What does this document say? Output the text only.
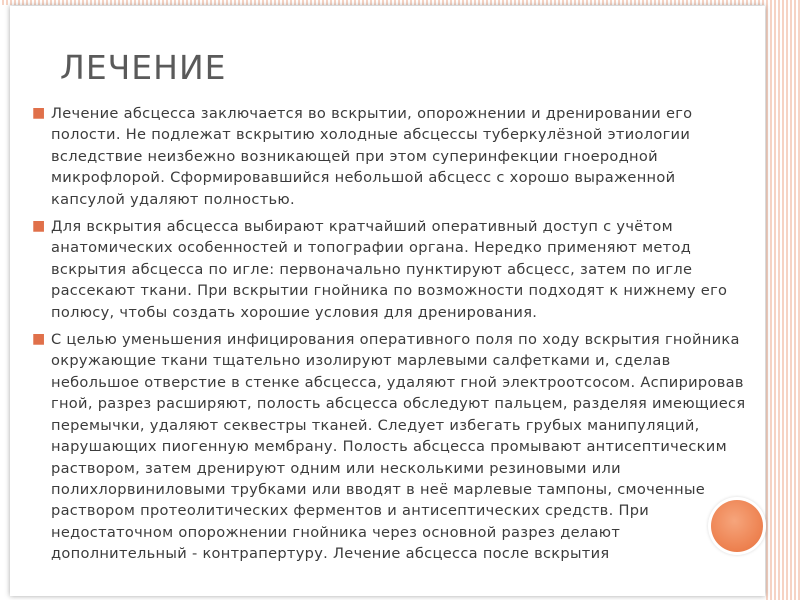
ЛЕЧЕНИЕ
■ Лечение абсцесса заключается во вскрытии, опорожнении и дренировании его полости. Не подлежат вскрытию холодные абсцессы туберкулёзной этиологии вследствие неизбежно возникающей при этом суперинфекции гноеродной микрофлорой. Сформировавшийся небольшой абсцесс с хорошо выраженной капсулой удаляют полностью.
■ Для вскрытия абсцесса выбирают кратчайший оперативный доступ с учётом анатомических особенностей и топографии органа. Нередко применяют метод вскрытия абсцесса по игле: первоначально пунктируют абсцесс, затем по игле рассекают ткани. При вскрытии гнойника по возможности подходят к нижнему его полюсу, чтобы создать хорошие условия для дренирования.
■ С целью уменьшения инфицирования оперативного поля по ходу вскрытия гнойника окружающие ткани тщательно изолируют марлевыми салфетками и, сделав небольшое отверстие в стенке абсцесса, удаляют гной электроотсосом. Аспирировав гной, разрез расширяют, полость абсцесса обследуют пальцем, разделяя имеющиеся перемычки, удаляют секвестры тканей. Следует избегать грубых манипуляций, нарушающих пиогенную мембрану. Полость абсцесса промывают антисептическим раствором, затем дренируют одним или несколькими резиновыми или полихлорвиниловыми трубками или вводят в неё марлевые тампоны, смоченные раствором протеолитических ферментов и антисептических средств. При недостаточном опорожнении гнойника через основной разрез делают дополнительный - контрапертуру. Лечение абсцесса после вскрытия
